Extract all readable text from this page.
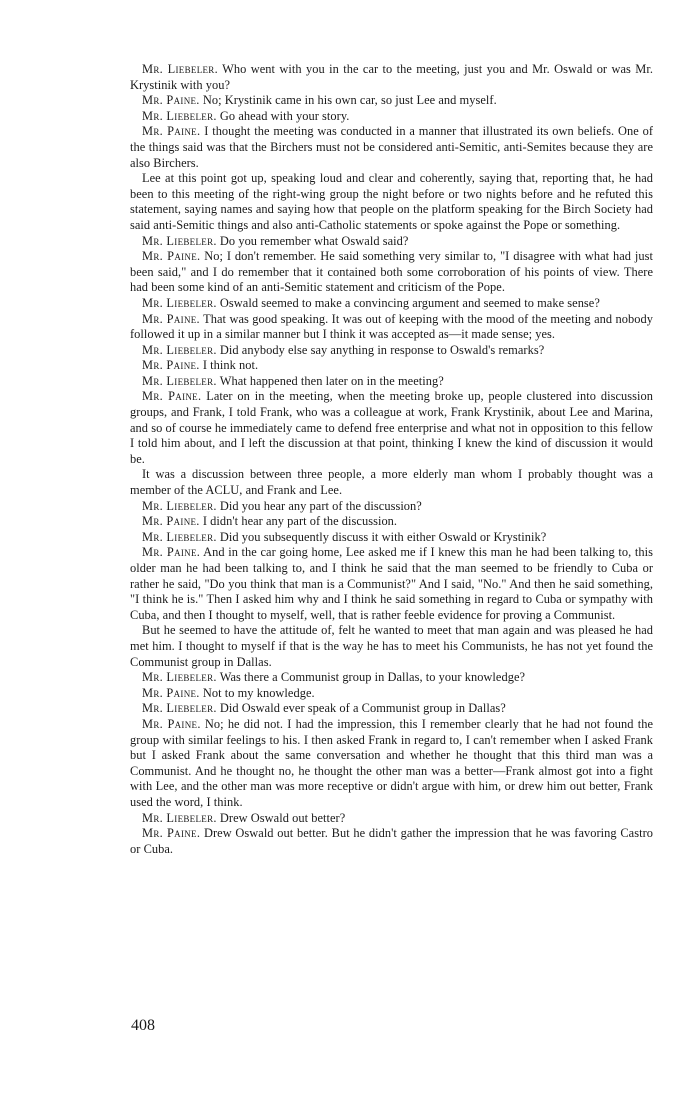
Mr. Liebeler. Who went with you in the car to the meeting, just you and Mr. Oswald or was Mr. Krystinik with you?

Mr. Paine. No; Krystinik came in his own car, so just Lee and myself.

Mr. Liebeler. Go ahead with your story.

Mr. Paine. I thought the meeting was conducted in a manner that illustrated its own beliefs. One of the things said was that the Birchers must not be considered anti-Semitic, anti-Semites because they are also Birchers.

Lee at this point got up, speaking loud and clear and coherently, saying that, reporting that, he had been to this meeting of the right-wing group the night before or two nights before and he refuted this statement, saying names and saying how that people on the platform speaking for the Birch Society had said anti-Semitic things and also anti-Catholic statements or spoke against the Pope or something.

Mr. Liebeler. Do you remember what Oswald said?

Mr. Paine. No; I don't remember. He said something very similar to, "I disagree with what had just been said," and I do remember that it contained both some corroboration of his points of view. There had been some kind of an anti-Semitic statement and criticism of the Pope.

Mr. Liebeler. Oswald seemed to make a convincing argument and seemed to make sense?

Mr. Paine. That was good speaking. It was out of keeping with the mood of the meeting and nobody followed it up in a similar manner but I think it was accepted as—it made sense; yes.

Mr. Liebeler. Did anybody else say anything in response to Oswald's remarks?

Mr. Paine. I think not.

Mr. Liebeler. What happened then later on in the meeting?

Mr. Paine. Later on in the meeting, when the meeting broke up, people clustered into discussion groups, and Frank, I told Frank, who was a colleague at work, Frank Krystinik, about Lee and Marina, and so of course he immediately came to defend free enterprise and what not in opposition to this fellow I told him about, and I left the discussion at that point, thinking I knew the kind of discussion it would be.

It was a discussion between three people, a more elderly man whom I probably thought was a member of the ACLU, and Frank and Lee.

Mr. Liebeler. Did you hear any part of the discussion?

Mr. Paine. I didn't hear any part of the discussion.

Mr. Liebeler. Did you subsequently discuss it with either Oswald or Krystinik?

Mr. Paine. And in the car going home, Lee asked me if I knew this man he had been talking to, this older man he had been talking to, and I think he said that the man seemed to be friendly to Cuba or rather he said, "Do you think that man is a Communist?" And I said, "No." And then he said something, "I think he is." Then I asked him why and I think he said something in regard to Cuba or sympathy with Cuba, and then I thought to myself, well, that is rather feeble evidence for proving a Communist.

But he seemed to have the attitude of, felt he wanted to meet that man again and was pleased he had met him. I thought to myself if that is the way he has to meet his Communists, he has not yet found the Communist group in Dallas.

Mr. Liebeler. Was there a Communist group in Dallas, to your knowledge?

Mr. Paine. Not to my knowledge.

Mr. Liebeler. Did Oswald ever speak of a Communist group in Dallas?

Mr. Paine. No; he did not. I had the impression, this I remember clearly that he had not found the group with similar feelings to his. I then asked Frank in regard to, I can't remember when I asked Frank but I asked Frank about the same conversation and whether he thought that this third man was a Communist. And he thought no, he thought the other man was a better—Frank almost got into a fight with Lee, and the other man was more receptive or didn't argue with him, or drew him out better, Frank used the word, I think.

Mr. Liebeler. Drew Oswald out better?

Mr. Paine. Drew Oswald out better. But he didn't gather the impression that he was favoring Castro or Cuba.

408
